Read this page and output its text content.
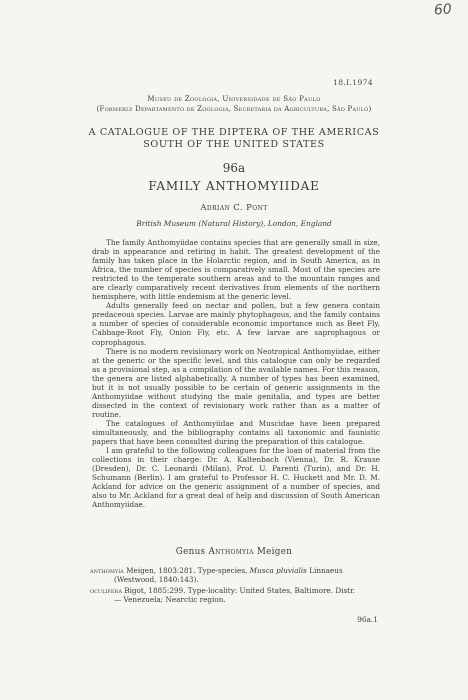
60
18.I.1974
Museu de Zoologia, Universidade de São Paulo
(Formerly Departamento de Zoologia, Secretaria da Agricultura, São Paulo)
A CATALOGUE OF THE DIPTERA OF THE AMERICAS
SOUTH OF THE UNITED STATES
96a
FAMILY ANTHOMYIIDAE
Adrian C. Pont
British Museum (Natural History), London, England

The family Anthomyiidae contains species that are generally small in size, drab in appearance and retiring in habit. The greatest development of the family has taken place in the Holarctic region, and in South America, as in Africa, the number of species is comparatively small. Most of the species are restricted to the temperate southern areas and to the mountain ranges and are clearly comparatively recent derivatives from elements of the northern hemisphere, with little endemism at the generic level.

Adults generally feed on nectar and pollen, but a few genera contain predaceous species. Larvae are mainly phytophagous, and the family contains a number of species of considerable economic importance such as Beet Fly, Cabbage-Root Fly, Onion Fly, etc. A few larvae are saprophagous or coprophagous.

There is no modern revisionary work on Neotropical Anthomyiidae, either at the generic or the specific level, and this catalogue can only be regarded as a provisional step, as a compilation of the available names. For this reason, the genera are listed alphabetically. A number of types has been examined, but it is not usually possible to be certain of generic assignments in the Anthomyiidae without studying the male genitalia, and types are better dissected in the context of revisionary work rather than as a matter of routine.

The catalogues of Anthomyiidae and Muscidae have been prepared simultaneously, and the bibliography contains all taxonomic and faunistic papers that have been consulted during the preparation of this catalogue.

I am grateful to the following colleagues for the loan of material from the collections in their charge: Dr. A. Kaltenbach (Vienna), Dr. R. Krause (Dresden), Dr. C. Leonardi (Milan), Prof. U. Parenti (Turin), and Dr. H. Schumann (Berlin). I am grateful to Professor H. C. Huckett and Mr. D. M. Ackland for advice on the generic assignment of a number of species, and also to Mr. Ackland for a great deal of help and discussion of South American Anthomyiidae.

Genus Anthomyia Meigen
anthomyia Meigen, 1803:281. Type-species, Musca pluvialis Linnaeus
(Westwood, 1840:143).
oculifera Bigot, 1885:299. Type-locality: United States, Baltimore. Distr.
— Venezuela; Nearctic region.
96a.1
